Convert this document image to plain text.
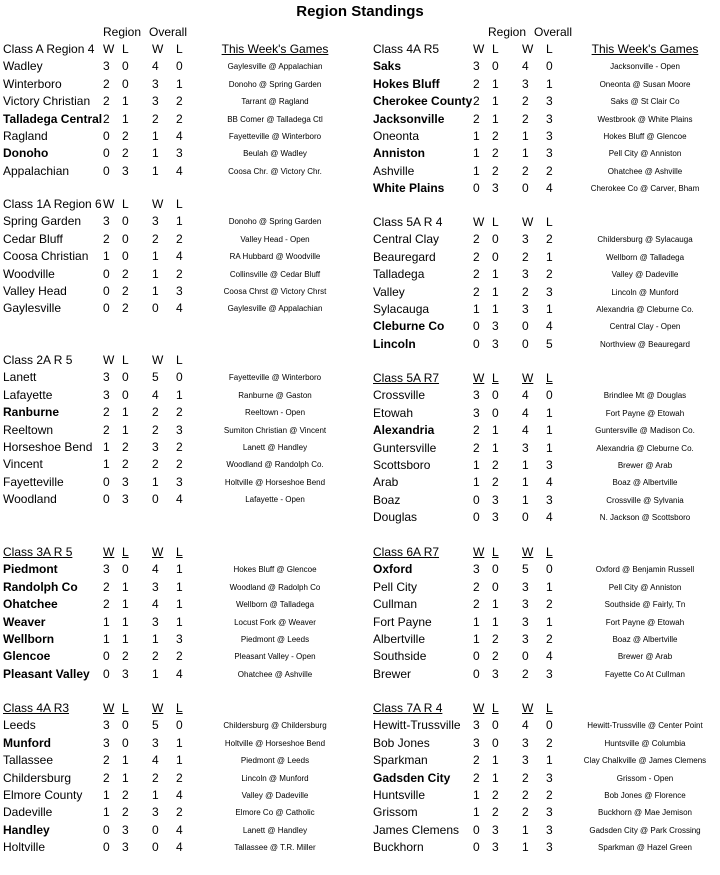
Region Standings
Region Overall	Region Overall
Class A Region 4 W L W L	This Week's Games
Wadley	3 0 4 0	Gaylesville @ Appalachian
Winterboro	2 0 3 1	Donoho @ Spring Garden
Victory Christian 2 1 3 2	Tarrant @ Ragland
Talladega Central 2 1 2 2	BB Comer @ Talladega Ctl
Ragland	0 2 1 4	Fayetteville @ Winterboro
Donoho	0 2 1 3	Beulah @ Wadley
Appalachian	0 3 1 4	Coosa Chr. @ Victory Chr.
Class 4A R5	W L W L	This Week's Games
Saks	3 0 4 0	Jacksonville - Open
Hokes Bluff	2 1 3 1	Oneonta @ Susan Moore
Cherokee County 2 1 2 3	Saks @ St Clair Co
Jacksonville 2 1 2 3	Westbrook @ White Plains
Oneonta	1 2 1 3	Hokes Bluff @ Glencoe
Anniston	1 2 1 3	Pell City @ Anniston
Ashville	1 2 2 2	Ohatchee @ Ashville
White Plains 0 3 0 4	Cherokee Co @ Carver, Bham
Class 1A Region 6 W L W L
Spring Garden 3 0 3 1	Donoho @ Spring Garden
Cedar Bluff	2 0 2 2	Valley Head - Open
Coosa Christian 1 0 1 4	RA Hubbard @ Woodville
Woodville	0 2 1 2	Collinsville @ Cedar Bluff
Valley Head	0 2 1 3	Coosa Chrst @ Victory Chrst
Gaylesville	0 2 0 4	Gaylesville @ Appalachian
Class 5A R 4	W L W L
Central Clay	2 0 3 2	Childersburg @ Sylacauga
Beauregard	2 0 2 1	Wellborn @ Talladega
Talladega	2 1 3 2	Valley @ Dadeville
Valley	2 1 2 3	Lincoln @ Munford
Sylacauga	1 1 3 1	Alexandria @ Cleburne Co.
Cleburne Co 0 3 0 4	Central Clay - Open
Lincoln	0 3 0 5	Northview @ Beauregard
Class 2A R 5	W L W L
Lanett	3 0 5 0	Fayetteville @ Winterboro
Lafayette	3 0 4 1	Ranburne @ Gaston
Ranburne	2 1 2 2	Reeltown - Open
Reeltown	2 1 2 3	Sumiton Christian @ Vincent
Horseshoe Bend 1 2 3 2	Lanett @ Handley
Vincent	1 2 2 2	Woodland @ Randolph Co.
Fayetteville	0 3 1 3	Holtville @ Horseshoe Bend
Woodland	0 3 0 4	Lafayette - Open
Class 5A R7	W L W L
Crossville	3 0 4 0	Brindlee Mt @ Douglas
Etowah	3 0 4 1	Fort Payne @ Etowah
Alexandria	2 1 4 1	Guntersville @ Madison Co.
Guntersville	2 1 3 1	Alexandria @ Cleburne Co.
Scottsboro	1 2 1 3	Brewer @ Arab
Arab	1 2 1 4	Boaz @ Albertville
Boaz	0 3 1 3	Crossville @ Sylvania
Douglas	0 3 0 4	N. Jackson @ Scottsboro
Class 3A R 5	W L W L
Piedmont	3 0 4 1	Hokes Bluff @ Glencoe
Randolph Co 2 1 3 1	Woodland @ Radolph Co
Ohatchee	2 1 4 1	Wellborn @ Talladega
Weaver	1 1 3 1	Locust Fork @ Weaver
Wellborn	1 1 1 3	Piedmont @ Leeds
Glencoe	0 2 2 2	Pleasant Valley - Open
Pleasant Valley 0 3 1 4	Ohatchee @ Ashville
Class 6A R7	W L W L
Oxford	3 0 5 0	Oxford @ Benjamin Russell
Pell City	2 0 3 1	Pell City @ Anniston
Cullman	2 1 3 2	Southside @ Fairly, Tn
Fort Payne	1 1 3 1	Fort Payne @ Etowah
Albertville	1 2 3 2	Boaz @ Albertville
Southside	0 2 0 4	Brewer @ Arab
Brewer	0 3 2 3	Fayette Co At Cullman
Class 4A R3	W L W L
Leeds	3 0 5 0	Childersburg @ Childersburg
Munford	3 0 3 1	Holtville @ Horseshoe Bend
Tallassee	2 1 4 1	Piedmont @ Leeds
Childersburg	2 1 2 2	Lincoln @ Munford
Elmore County 1 2 1 4	Valley @ Dadeville
Dadeville	1 2 3 2	Elmore Co @ Catholic
Handley	0 3 0 4	Lanett @ Handley
Holtville	0 3 0 4	Tallassee @ T.R. Miller
Class 7A R 4	W L W L
Hewitt-Trussville 3 0 4 0	Hewitt-Trussville @ Center Point
Bob Jones	3 0 3 2	Huntsville @ Columbia
Sparkman	2 1 3 1	Clay Chalkville @ James Clemens
Gadsden City 2 1 2 3	Grissom - Open
Huntsville	1 2 2 2	Bob Jones @ Florence
Grissom	1 2 2 3	Buckhorn @ Mae Jemison
James Clemens 0 3 1 3	Gadsden City @ Park Crossing
Buckhorn	0 3 1 3	Sparkman @ Hazel Green
